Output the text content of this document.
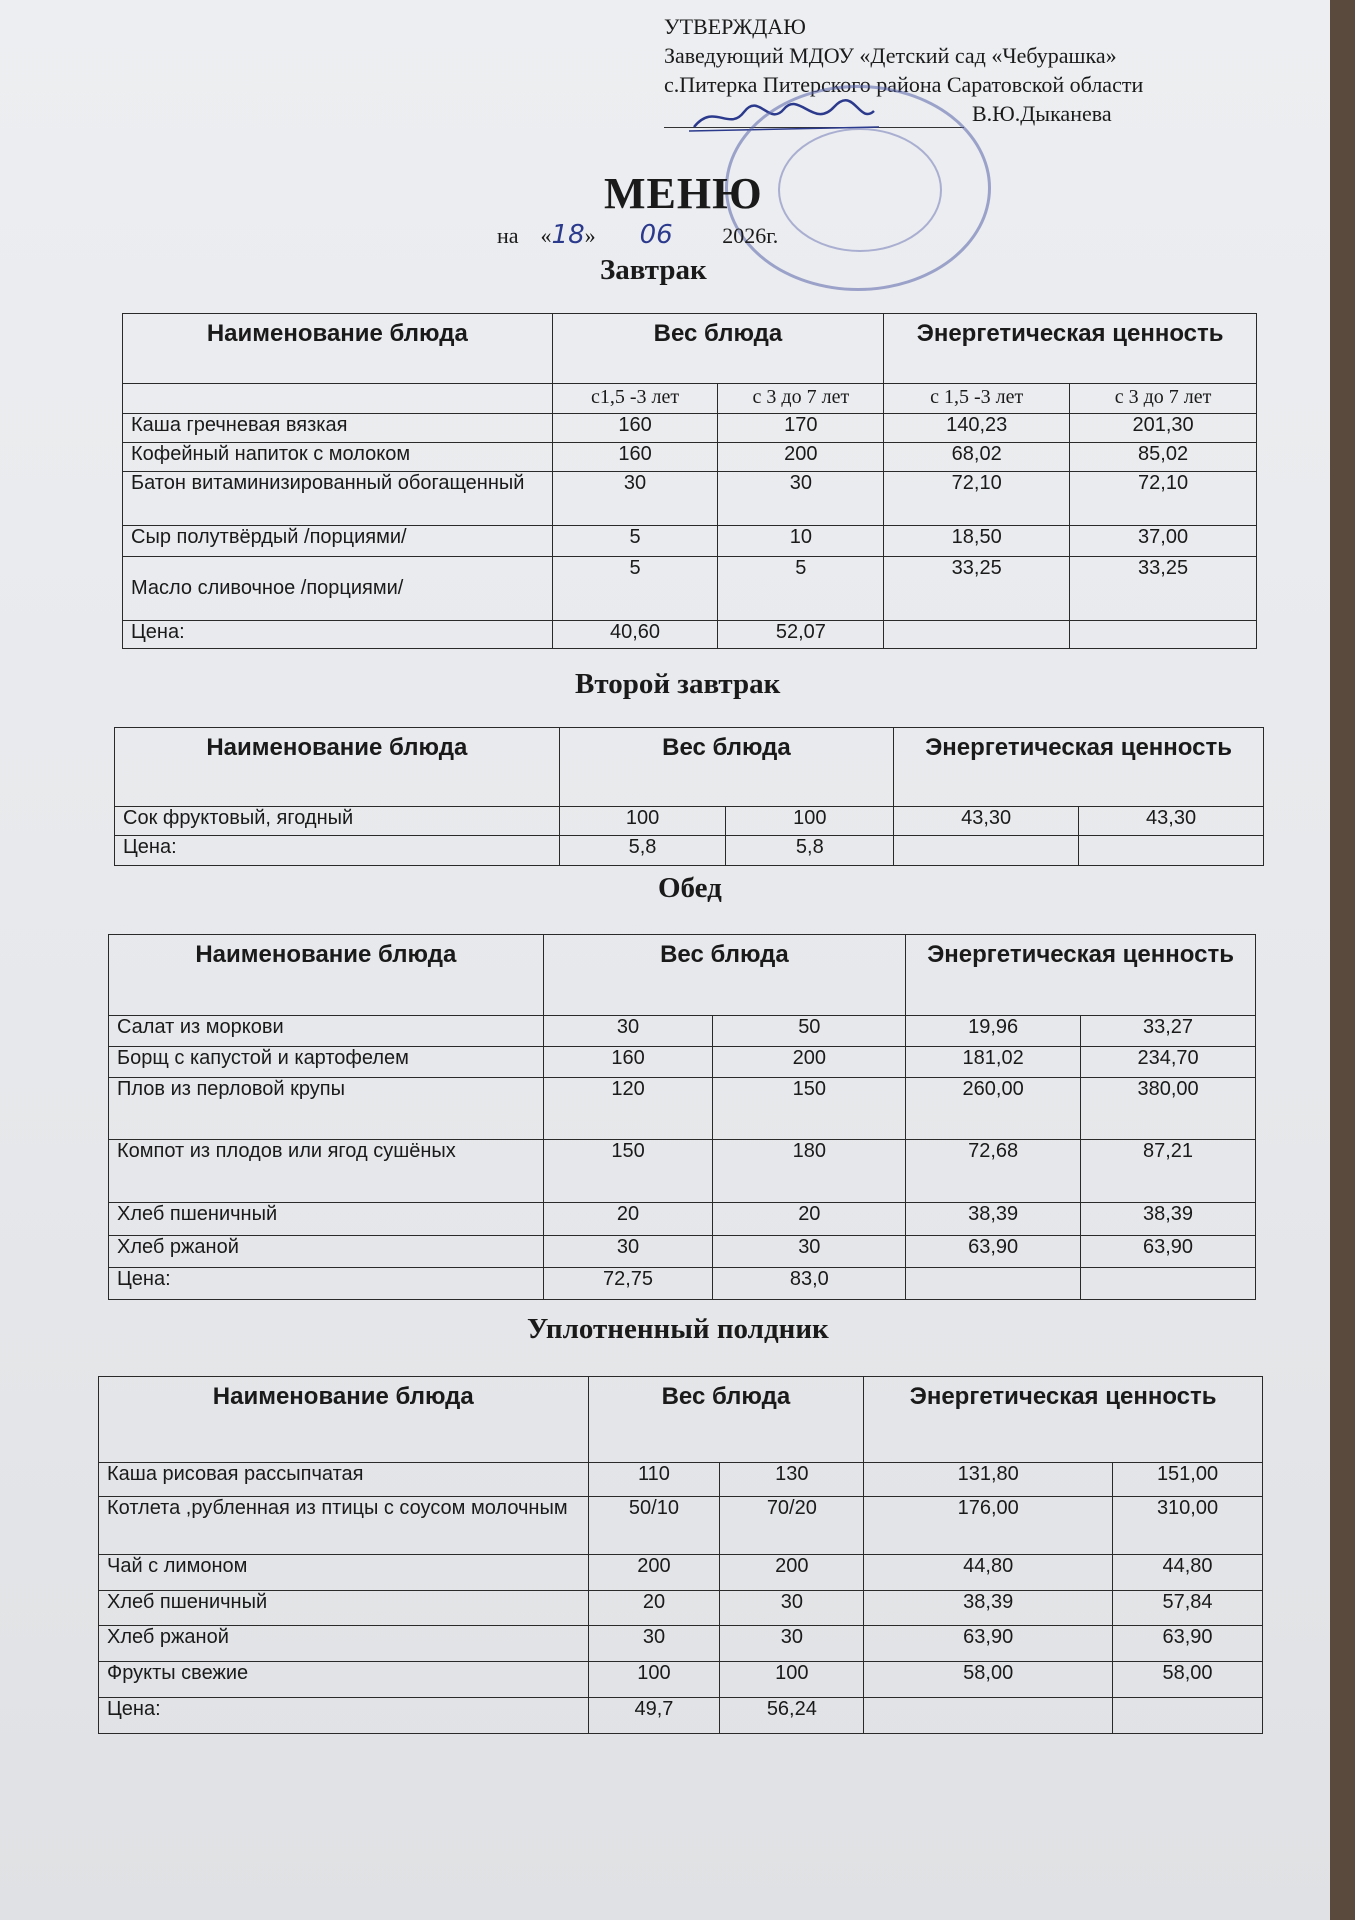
УТВЕРЖДАЮ
Заведующий МДОУ «Детский сад «Чебурашка»
с.Питерка Питерского района Саратовской области
В.Ю.Дыканева
МЕНЮ
на «18» 06 2026г.
Завтрак
Наименование блюда	Вес блюда		Энергетическая ценность	
	с1,5 -3 лет	с 3 до 7 лет	с 1,5 -3 лет	с 3 до 7 лет
Каша гречневая вязкая	160	170	140,23	201,30
Кофейный напиток с молоком	160	200	68,02	85,02
Батон витаминизированный обогащенный	30	30	72,10	72,10
Сыр полутвёрдый /порциями/	5	10	18,50	37,00
Масло сливочное /порциями/	5	5	33,25	33,25
Цена:	40,60	52,07		
Второй завтрак
Наименование блюда	Вес блюда		Энергетическая ценность	
Сок фруктовый, ягодный	100	100	43,30	43,30
Цена:	5,8	5,8		
Обед
Наименование блюда	Вес блюда		Энергетическая ценность	
Салат из моркови	30	50	19,96	33,27
Борщ с капустой и картофелем	160	200	181,02	234,70
Плов из перловой крупы	120	150	260,00	380,00
Компот из плодов или ягод сушёных	150	180	72,68	87,21
Хлеб пшеничный	20	20	38,39	38,39
Хлеб ржаной	30	30	63,90	63,90
Цена:	72,75	83,0		
Уплотненный полдник
Наименование блюда	Вес блюда		Энергетическая ценность	
Каша рисовая рассыпчатая	110	130	131,80	151,00
Котлета ,рубленная из птицы с соусом молочным	50/10	70/20	176,00	310,00
Чай с лимоном	200	200	44,80	44,80
Хлеб пшеничный	20	30	38,39	57,84
Хлеб ржаной	30	30	63,90	63,90
Фрукты свежие	100	100	58,00	58,00
Цена:	49,7	56,24		
